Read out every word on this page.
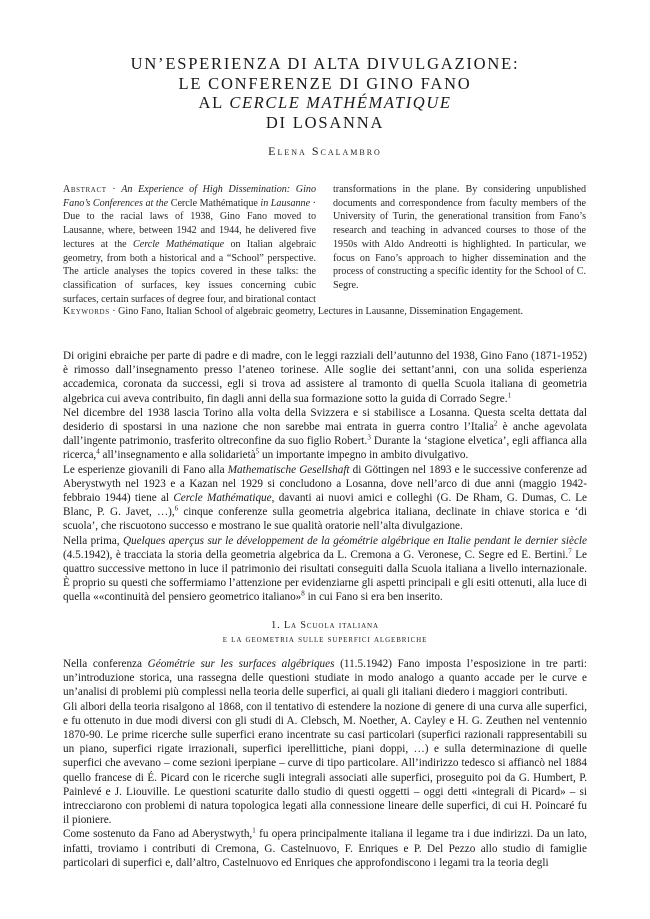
UN’ESPERIENZA DI ALTA DIVULGAZIONE:
LE CONFERENZE DI GINO FANO
AL CERCLE MATHÉMATIQUE
DI LOSANNA
Elena Scalambro
Abstract · An Experience of High Dissemination: Gino Fano’s Conferences at the Cercle Mathématique in Lausanne · Due to the racial laws of 1938, Gino Fano moved to Lausanne, where, between 1942 and 1944, he delivered five lectures at the Cercle Mathématique on Italian algebraic geometry, from both a historical and a “School” perspective. The article analyses the topics covered in these talks: the classification of surfaces, key issues concerning cubic surfaces, certain surfaces of degree four, and birational contact
transformations in the plane. By considering unpublished documents and correspondence from faculty members of the University of Turin, the generational transition from Fano’s research and teaching in advanced courses to those of the 1950s with Aldo Andreotti is highlighted. In particular, we focus on Fano’s approach to higher dissemination and the process of constructing a specific identity for the School of C. Segre.
Keywords · Gino Fano, Italian School of algebraic geometry, Lectures in Lausanne, Dissemination Engagement.

Di origini ebraiche per parte di padre e di madre, con le leggi razziali dell’autunno del 1938, Gino Fano (1871-1952) è rimosso dall’insegnamento presso l’ateneo torinese. Alle soglie dei settant’anni, con una solida esperienza accademica, coronata da successi, egli si trova ad assistere al tramonto di quella Scuola italiana di geometria algebrica cui aveva contribuito, fin dagli anni della sua formazione sotto la guida di Corrado Segre.$^1$

Nel dicembre del 1938 lascia Torino alla volta della Svizzera e si stabilisce a Losanna. Questa scelta dettata dal desiderio di spostarsi in una nazione che non sarebbe mai entrata in guerra contro l’Italia$^2$ è anche agevolata dall’ingente patrimonio, trasferito oltreconfine da suo figlio Robert.$^3$ Durante la ‘stagione elvetica’, egli affianca alla ricerca,$^4$ all’insegnamento e alla solidarietà$^5$ un importante impegno in ambito divulgativo.

Le esperienze giovanili di Fano alla Mathematische Gesellshaft di Göttingen nel 1893 e le successive conferenze ad Aberystwyth nel 1923 e a Kazan nel 1929 si concludono a Losanna, dove nell’arco di due anni (maggio 1942-febbraio 1944) tiene al Cercle Mathématique, davanti ai nuovi amici e colleghi (G. De Rham, G. Dumas, C. Le Blanc, P. G. Javet, …),$^6$ cinque conferenze sulla geometria algebrica italiana, declinate in chiave storica e ‘di scuola’, che riscuotono successo e mostrano le sue qualità oratorie nell’alta divulgazione.

Nella prima, Quelques aperçus sur le développement de la géométrie algébrique en Italie pendant le dernier siècle (4.5.1942), è tracciata la storia della geometria algebrica da L. Cremona a G. Veronese, C. Segre ed E. Bertini.$^7$ Le quattro successive mettono in luce il patrimonio dei risultati conseguiti dalla Scuola italiana a livello internazionale. È proprio su questi che soffermiamo l’attenzione per evidenziarne gli aspetti principali e gli esiti ottenuti, alla luce di quella ««continuità del pensiero geometrico italiano»$^8$ in cui Fano si era ben inserito.

1. La Scuola italiana
e la geometria sulle superfici algebriche

Nella conferenza Géométrie sur les surfaces algébriques (11.5.1942) Fano imposta l’esposizione in tre parti: un’introduzione storica, una rassegna delle questioni studiate in modo analogo a quanto accade per le curve e un’analisi di problemi più complessi nella teoria delle superfici, ai quali gli italiani diedero i maggiori contributi.

Gli albori della teoria risalgono al 1868, con il tentativo di estendere la nozione di genere di una curva alle superfici, e fu ottenuto in due modi diversi con gli studi di A. Clebsch, M. Noether, A. Cayley e H. G. Zeuthen nel ventennio 1870-90. Le prime ricerche sulle superfici erano incentrate su casi particolari (superfici razionali rappresentabili su un piano, superfici rigate irrazionali, superfici iperellittiche, piani doppi, …) e sulla determinazione di quelle superfici che avevano – come sezioni iperpiane – curve di tipo particolare. All’indirizzo tedesco si affiancò nel 1884 quello francese di É. Picard con le ricerche sugli integrali associati alle superfici, proseguito poi da G. Humbert, P. Painlevé e J. Liouville. Le questioni scaturite dallo studio di questi oggetti – oggi detti «integrali di Picard» – si intrecciarono con problemi di natura topologica legati alla connessione lineare delle superfici, di cui H. Poincaré fu il pioniere.

Come sostenuto da Fano ad Aberystwyth,$^1$ fu opera principalmente italiana il legame tra i due indirizzi. Da un lato, infatti, troviamo i contributi di Cremona, G. Castelnuovo, F. Enriques e P. Del Pezzo allo studio di famiglie particolari di superfici e, dall’altro, Castelnuovo ed Enriques che approfondiscono i legami tra la teoria degli
